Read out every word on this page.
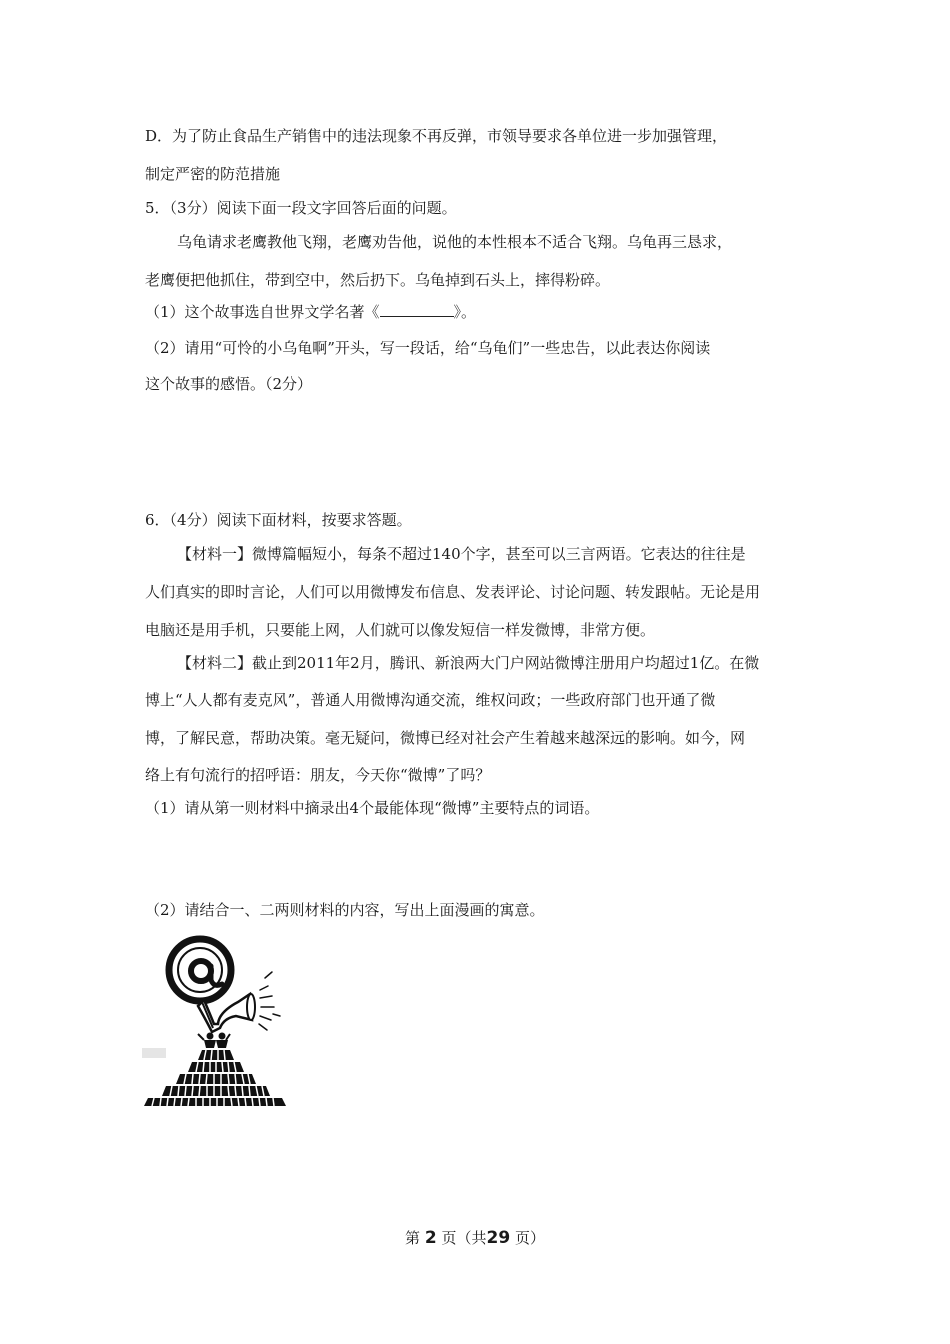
D．为了防止食品生产销售中的违法现象不再反弹，市领导要求各单位进一步加强管理，
制定严密的防范措施
5．（3分）阅读下面一段文字回答后面的问题。
乌龟请求老鹰教他飞翔，老鹰劝告他，说他的本性根本不适合飞翔。乌龟再三恳求，
老鹰便把他抓住，带到空中，然后扔下。乌龟掉到石头上，摔得粉碎。
（1）这个故事选自世界文学名著《	》。
（2）请用“可怜的小乌龟啊”开头，写一段话，给“乌龟们”一些忠告，以此表达你阅读
这个故事的感悟。（2分）
6．（4分）阅读下面材料，按要求答题。
【材料一】微博篇幅短小，每条不超过140个字，甚至可以三言两语。它表达的往往是
人们真实的即时言论，人们可以用微博发布信息、发表评论、讨论问题、转发跟帖。无论是用
电脑还是用手机，只要能上网，人们就可以像发短信一样发微博，非常方便。
【材料二】截止到2011年2月，腾讯、新浪两大门户网站微博注册用户均超过1亿。在微
博上“人人都有麦克风”，普通人用微博沟通交流，维权问政；一些政府部门也开通了微
博，了解民意，帮助决策。毫无疑问，微博已经对社会产生着越来越深远的影响。如今，网
络上有句流行的招呼语：朋友，今天你“微博”了吗？
（1）请从第一则材料中摘录出4个最能体现“微博”主要特点的词语。
（2）请结合一、二两则材料的内容，写出上面漫画的寓意。
第 2 页（共29 页）
